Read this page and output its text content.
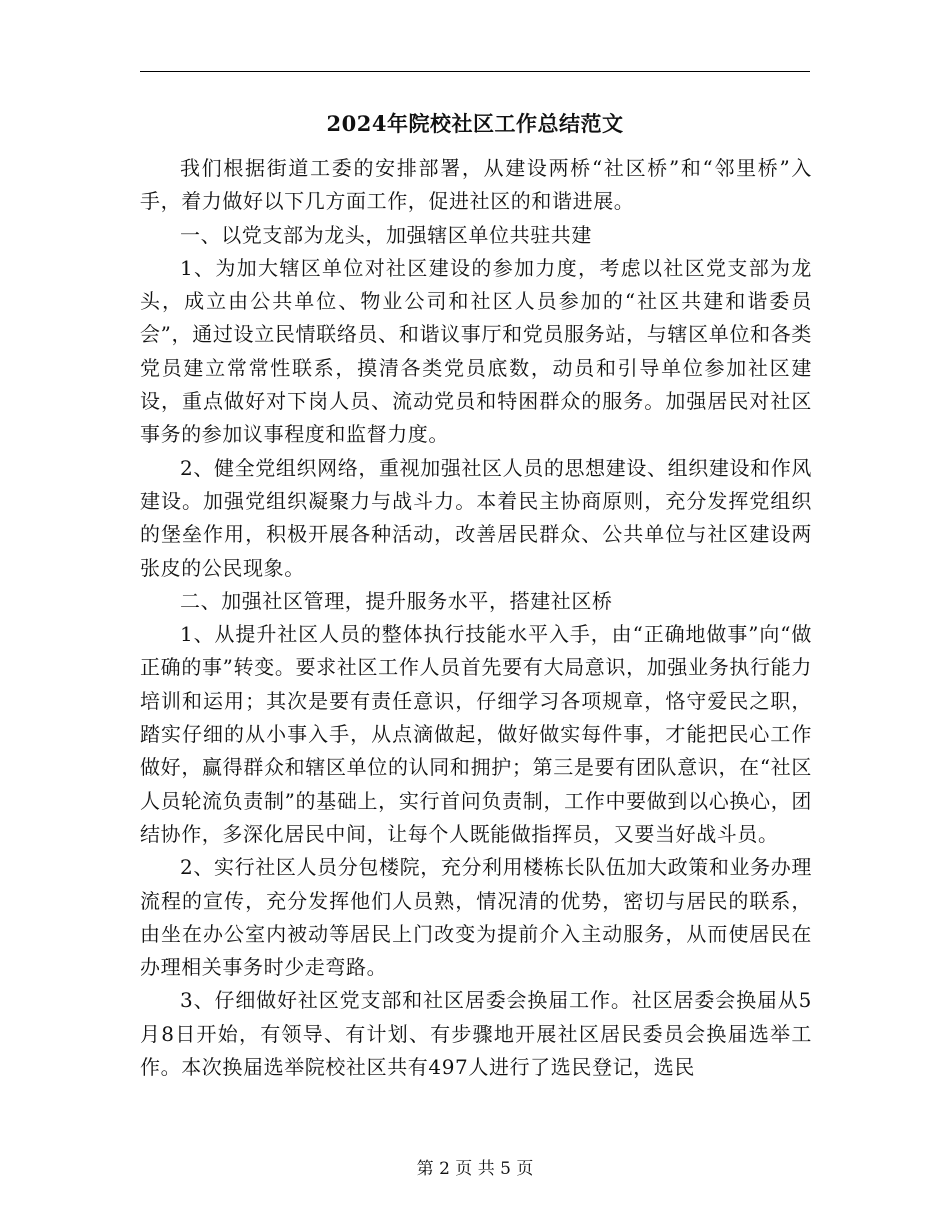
2024年院校社区工作总结范文

我们根据街道工委的安排部署，从建设两桥“社区桥”和“邻里桥”入手，着力做好以下几方面工作，促进社区的和谐进展。

一、以党支部为龙头，加强辖区单位共驻共建

1、为加大辖区单位对社区建设的参加力度，考虑以社区党支部为龙头，成立由公共单位、物业公司和社区人员参加的“社区共建和谐委员会”，通过设立民情联络员、和谐议事厅和党员服务站，与辖区单位和各类党员建立常常性联系，摸清各类党员底数，动员和引导单位参加社区建设，重点做好对下岗人员、流动党员和特困群众的服务。加强居民对社区事务的参加议事程度和监督力度。

2、健全党组织网络，重视加强社区人员的思想建设、组织建设和作风建设。加强党组织凝聚力与战斗力。本着民主协商原则，充分发挥党组织的堡垒作用，积极开展各种活动，改善居民群众、公共单位与社区建设两张皮的公民现象。

二、加强社区管理，提升服务水平，搭建社区桥

1、从提升社区人员的整体执行技能水平入手，由“正确地做事”向“做正确的事”转变。要求社区工作人员首先要有大局意识，加强业务执行能力培训和运用；其次是要有责任意识，仔细学习各项规章，恪守爱民之职，踏实仔细的从小事入手，从点滴做起，做好做实每件事，才能把民心工作做好，赢得群众和辖区单位的认同和拥护；第三是要有团队意识，在“社区人员轮流负责制”的基础上，实行首问负责制，工作中要做到以心换心，团结协作，多深化居民中间，让每个人既能做指挥员，又要当好战斗员。

2、实行社区人员分包楼院，充分利用楼栋长队伍加大政策和业务办理流程的宣传，充分发挥他们人员熟，情况清的优势，密切与居民的联系，由坐在办公室内被动等居民上门改变为提前介入主动服务，从而使居民在办理相关事务时少走弯路。

3、仔细做好社区党支部和社区居委会换届工作。社区居委会换届从5月8日开始，有领导、有计划、有步骤地开展社区居民委员会换届选举工作。本次换届选举院校社区共有497人进行了选民登记，选民

第 2 页 共 5 页
